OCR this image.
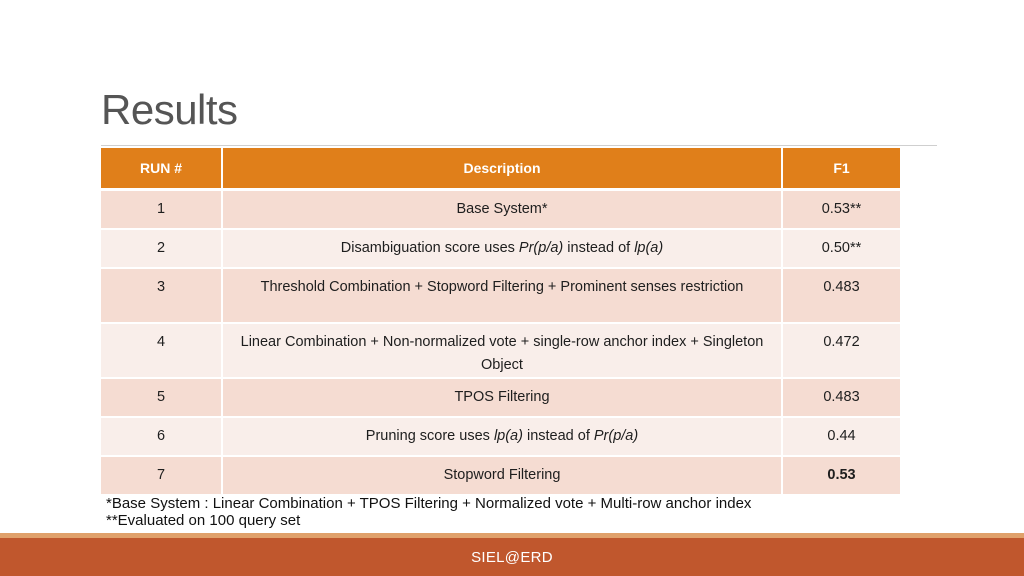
Results
RUN #	Description	F1
1	Base System*	0.53**
2	Disambiguation score uses Pr(p/a) instead of lp(a)	0.50**
3	Threshold Combination + Stopword Filtering + Prominent senses restriction	0.483
4	Linear Combination + Non-normalized vote + single-row anchor index + Singleton Object	0.472
5	TPOS Filtering	0.483
6	Pruning score uses lp(a) instead of Pr(p/a)	0.44
7	Stopword Filtering	0.53
*Base System : Linear Combination + TPOS Filtering + Normalized vote + Multi-row anchor index
**Evaluated on 100 query set
SIEL@ERD
